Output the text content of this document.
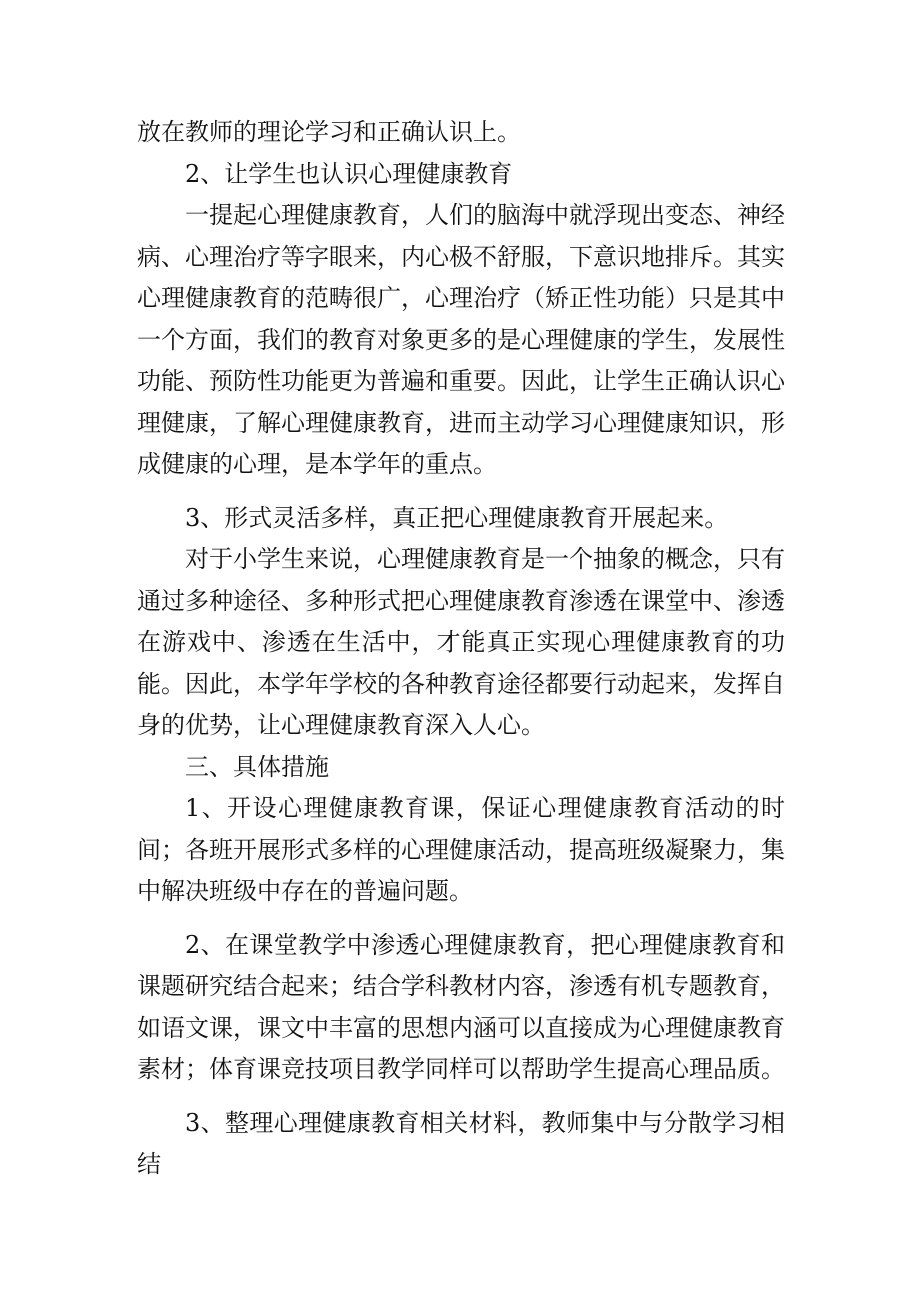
放在教师的理论学习和正确认识上。

2、让学生也认识心理健康教育

一提起心理健康教育，人们的脑海中就浮现出变态、神经病、心理治疗等字眼来，内心极不舒服，下意识地排斥。其实心理健康教育的范畴很广，心理治疗（矫正性功能）只是其中一个方面，我们的教育对象更多的是心理健康的学生，发展性功能、预防性功能更为普遍和重要。因此，让学生正确认识心理健康，了解心理健康教育，进而主动学习心理健康知识，形成健康的心理，是本学年的重点。

3、形式灵活多样，真正把心理健康教育开展起来。

对于小学生来说，心理健康教育是一个抽象的概念，只有通过多种途径、多种形式把心理健康教育渗透在课堂中、渗透在游戏中、渗透在生活中，才能真正实现心理健康教育的功能。因此，本学年学校的各种教育途径都要行动起来，发挥自身的优势，让心理健康教育深入人心。

三、具体措施

1、开设心理健康教育课，保证心理健康教育活动的时间；各班开展形式多样的心理健康活动，提高班级凝聚力，集中解决班级中存在的普遍问题。

2、在课堂教学中渗透心理健康教育，把心理健康教育和课题研究结合起来；结合学科教材内容，渗透有机专题教育，如语文课，课文中丰富的思想内涵可以直接成为心理健康教育素材；体育课竞技项目教学同样可以帮助学生提高心理品质。

3、整理心理健康教育相关材料，教师集中与分散学习相结
